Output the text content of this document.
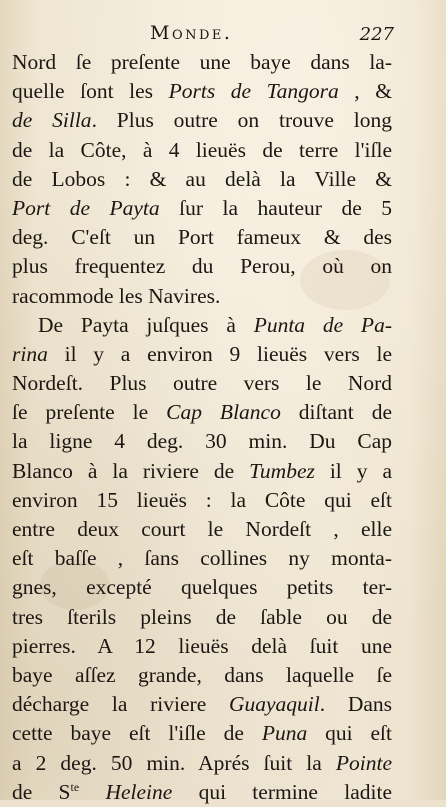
Monde.	227
Nord ſe preſente une baye dans la-
quelle ſont les Ports de Tangora , &
de Silla. Plus outre on trouve long
de la Côte, à 4 lieuës de terre l'iſle
de Lobos : & au delà la Ville &
Port de Payta ſur la hauteur de 5
deg. C'eſt un Port fameux & des
plus frequentez du Perou, où on
racommode les Navires.
De Payta juſques à Punta de Pa-
rina il y a environ 9 lieuës vers le
Nordeſt. Plus outre vers le Nord
ſe preſente le Cap Blanco diſtant de
la ligne 4 deg. 30 min. Du Cap
Blanco à la riviere de Tumbez il y a
environ 15 lieuës : la Côte qui eſt
entre deux court le Nordeſt , elle
eſt baſſe , ſans collines ny monta-
gnes, excepté quelques petits ter-
tres ſterils pleins de ſable ou de
pierres. A 12 lieuës delà ſuit une
baye aſſez grande, dans laquelle ſe
décharge la riviere Guayaquil. Dans
cette baye eſt l'iſle de Puna qui eſt
a 2 deg. 50 min. Aprés ſuit la Pointe
de $S^{te}$ Heleine qui termine ladite
